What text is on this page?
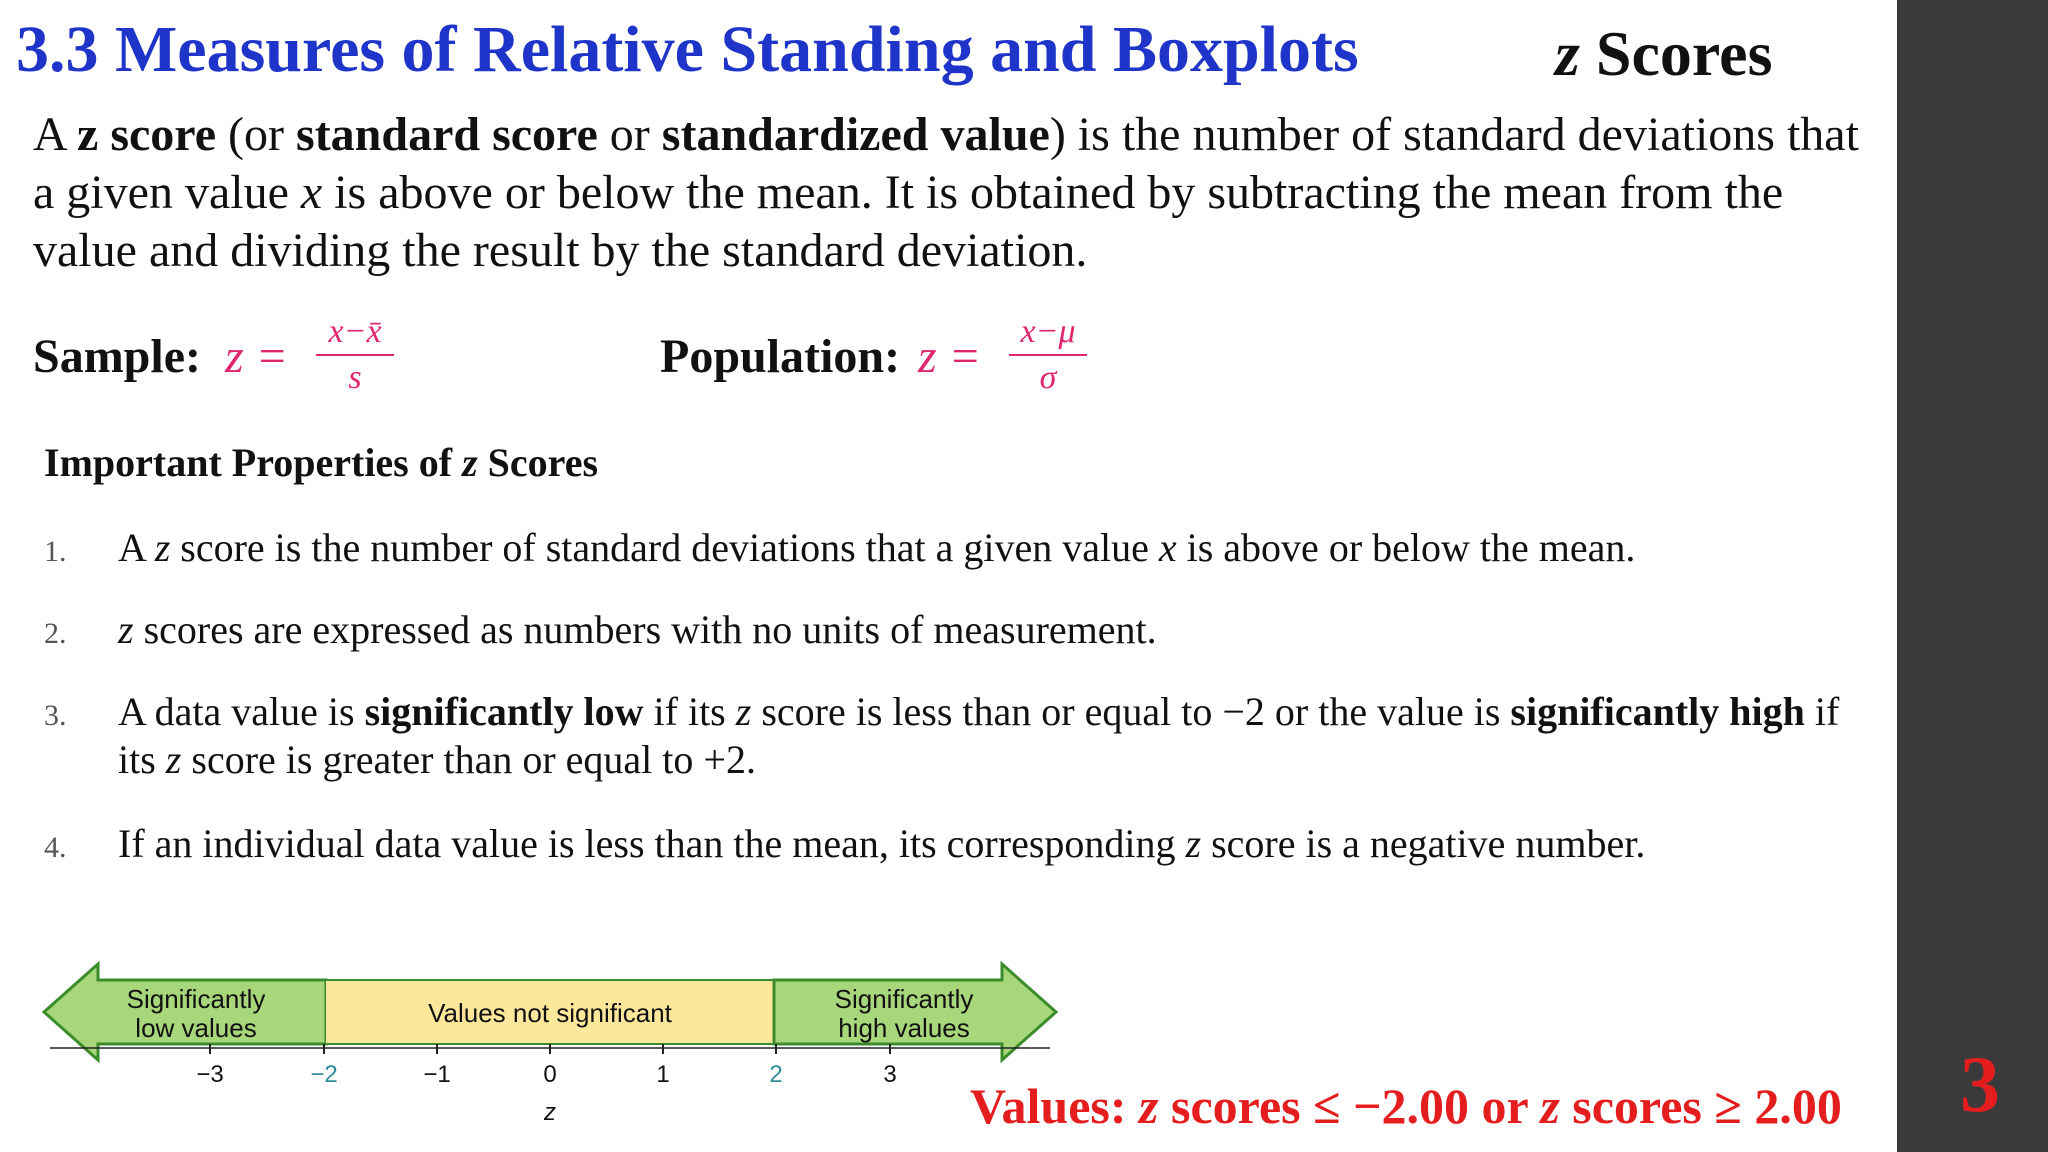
3.3 Measures of Relative Standing and Boxplots	z Scores

A z score (or standard score or standardized value) is the number of standard deviations that a given value x is above or below the mean. It is obtained by subtracting the mean from the value and dividing the result by the standard deviation.

Sample: z =	x−x̄
s	Population: z =	x−μ
σ
Important Properties of z Scores
1. A z score is the number of standard deviations that a given value x is above or below the mean.
2. z scores are expressed as numbers with no units of measurement.
3. A data value is significantly low if its z score is less than or equal to −2 or the value is significantly high if its z score is greater than or equal to +2.
4. If an individual data value is less than the mean, its corresponding z score is a negative number.
Significantly
low values	Values not significant	Significantly
high values
−3	−2	−1	0	1	2	3
z	Values: z scores ≤ −2.00 or z scores ≥ 2.00 3
